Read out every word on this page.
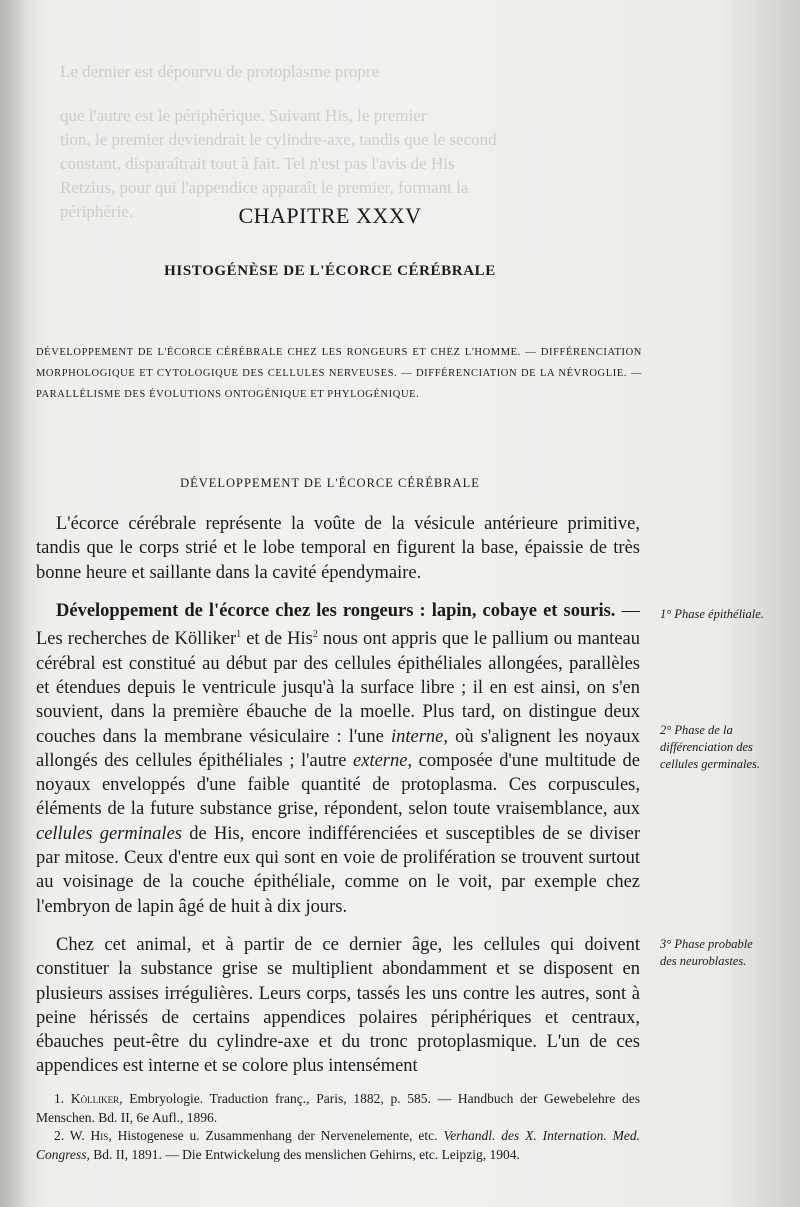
Le dernier est dépourvu de protoplasme propre
que l'autre est le périphérique. Suivant His, le premier
tion, le premier deviendrait le cylindre-axe, tandis que le second
constant, disparaîtrait tout à fait. Tel n'est pas l'avis de His
Retzius, pour qui l'appendice apparaît le premier, formant la
périphérie.	CHAPITRE XXXV
HISTOGÉNÈSE DE L'ÉCORCE CÉRÉBRALE
DÉVELOPPEMENT DE L'ÉCORCE CÉRÉBRALE CHEZ LES RONGEURS ET CHEZ L'HOMME. — DIFFÉRENCIATION MORPHOLOGIQUE ET CYTOLOGIQUE DES CELLULES NERVEUSES. — DIFFÉRENCIATION DE LA NÉVROGLIE. — PARALLÉLISME DES ÉVOLUTIONS ONTOGÉNIQUE ET PHYLOGÉNIQUE.
DÉVELOPPEMENT DE L'ÉCORCE CÉRÉBRALE

L'écorce cérébrale représente la voûte de la vésicule antérieure primitive, tandis que le corps strié et le lobe temporal en figurent la base, épaissie de très bonne heure et saillante dans la cavité épendymaire.

Développement de l'écorce chez les rongeurs : lapin, cobaye et souris. — Les recherches de Kölliker$^1$ et de His$^2$ nous ont appris que le pallium ou manteau cérébral est constitué au début par des cellules épithéliales allongées, parallèles et étendues depuis le ventricule jusqu'à la surface libre ; il en est ainsi, on s'en souvient, dans la première ébauche de la moelle. Plus tard, on distingue deux couches dans la membrane vésiculaire : l'une interne, où s'alignent les noyaux allongés des cellules épithéliales ; l'autre externe, composée d'une multitude de noyaux enveloppés d'une faible quantité de protoplasma. Ces corpuscules, éléments de la future substance grise, répondent, selon toute vraisemblance, aux cellules germinales de His, encore indifférenciées et susceptibles de se diviser par mitose. Ceux d'entre eux qui sont en voie de prolifération se trouvent surtout au voisinage de la couche épithéliale, comme on le voit, par exemple chez l'embryon de lapin âgé de huit à dix jours.

Chez cet animal, et à partir de ce dernier âge, les cellules qui doivent constituer la substance grise se multiplient abondamment et se disposent en plusieurs assises irrégulières. Leurs corps, tassés les uns contre les autres, sont à peine hérissés de certains appendices polaires périphériques et centraux, ébauches peut-être du cylindre-axe et du tronc protoplasmique. L'un de ces appendices est interne et se colore plus intensément

1° Phase épithéliale.
2° Phase de la différenciation des cellules germinales.
3° Phase probable des neuroblastes.

1. Kölliker, Embryologie. Traduction franç., Paris, 1882, p. 585. — Handbuch der Gewebelehre des Menschen. Bd. II, 6e Aufl., 1896.

2. W. His, Histogenese u. Zusammenhang der Nervenelemente, etc. Verhandl. des X. Internation. Med. Congress, Bd. II, 1891. — Die Entwickelung des menslichen Gehirns, etc. Leipzig, 1904.
